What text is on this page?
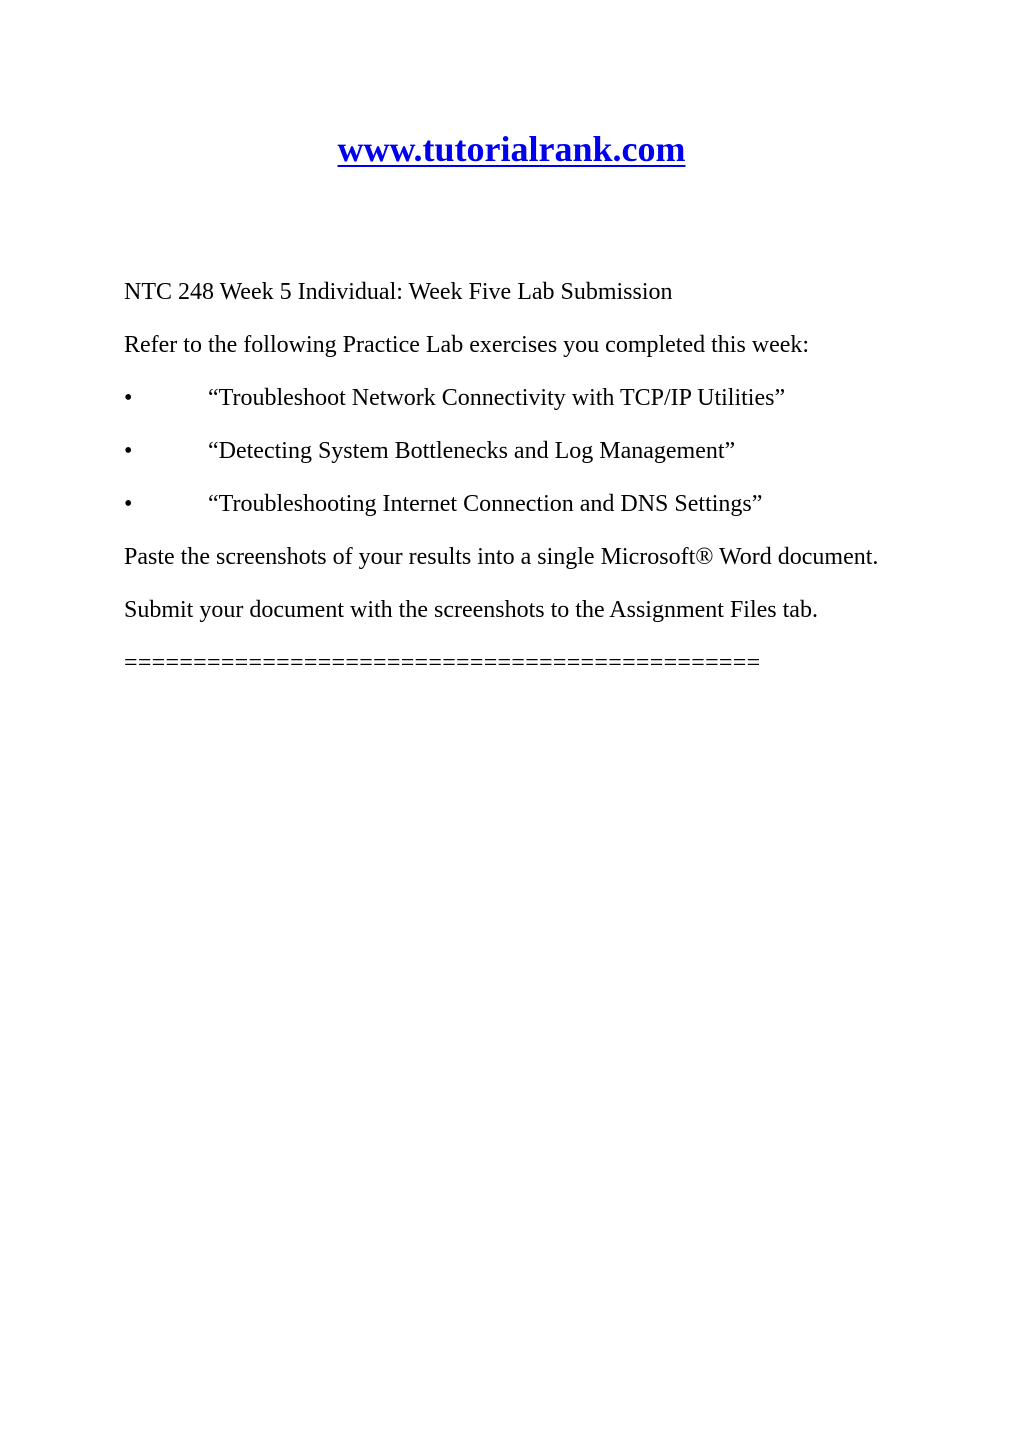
www.tutorialrank.com

NTC 248 Week 5 Individual: Week Five Lab Submission

Refer to the following Practice Lab exercises you completed this week:

•	“Troubleshoot Network Connectivity with TCP/IP Utilities”
•	“Detecting System Bottlenecks and Log Management”
•	“Troubleshooting Internet Connection and DNS Settings”

Paste the screenshots of your results into a single Microsoft® Word document.

Submit your document with the screenshots to the Assignment Files tab.

==============================================
